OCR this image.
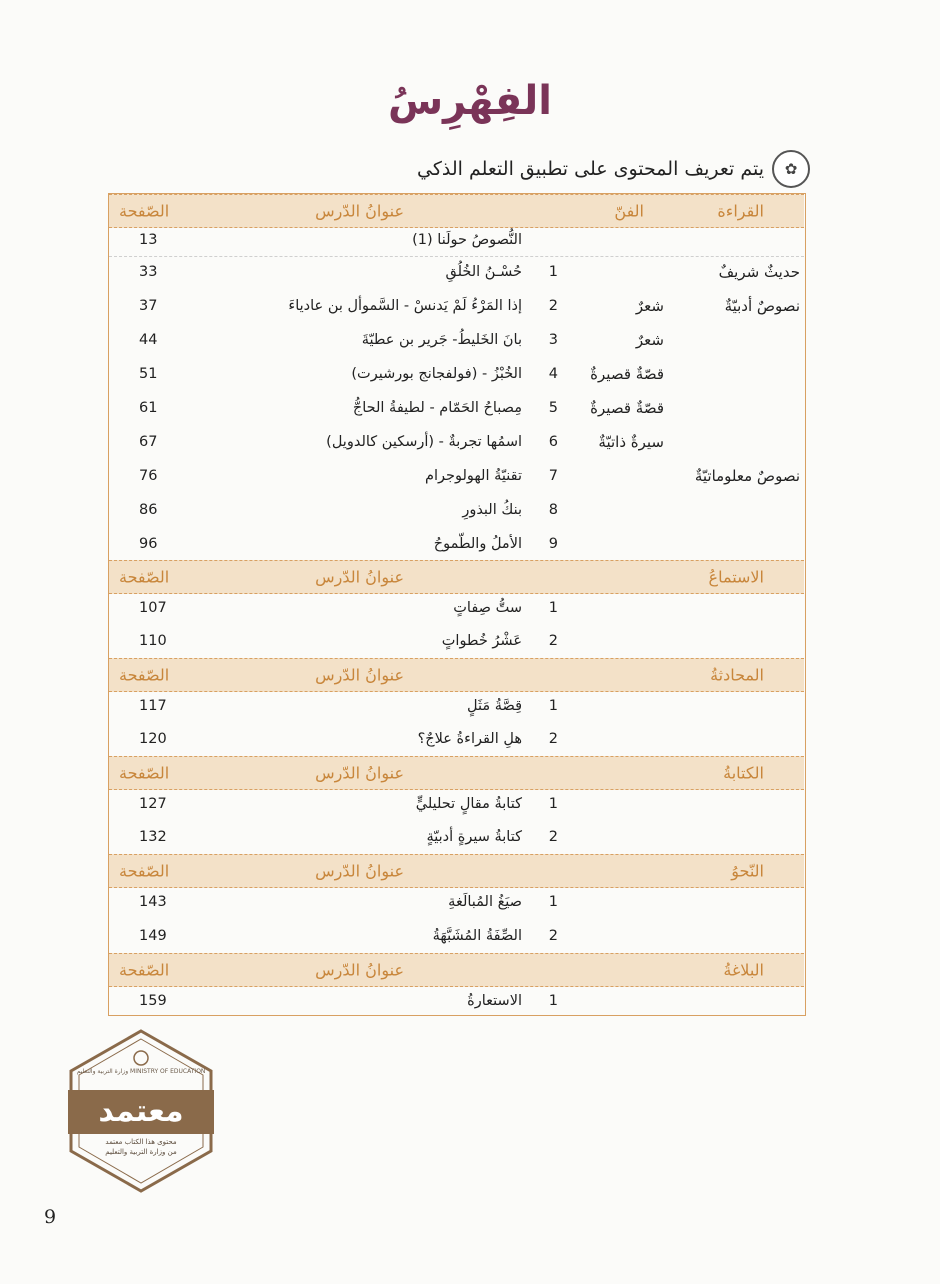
الفِهْرِسُ
✿
يتم تعريف المحتوى على تطبيق التعلم الذكي
القراءة
الفنّ
عنوانُ الدّرس
الصّفحة
النُّصوصُ حولَنا (1)
13
حديثٌ شريفٌ
1
حُسْـنُ الخُلُقِ
33
نصوصٌ أدبيّةٌ
شعرٌ
2
إذا المَرْءُ لَمْ يَدنسْ - السَّموأل بن عادياءَ
37
شعرٌ
3
بانَ الخَليطُ- جَرير بن عطيّةَ
44
قصّةٌ قصيرةٌ
4
الخُبْزُ - (فولفجانج بورشيرت)
51
قصّةٌ قصيرةٌ
5
مِصباحُ الحَمّام - لطيفةُ الحاجُّ
61
سيرةٌ ذاتيّةٌ
6
اسمُها تجربةٌ - (أرسكين كالدويل)
67
نصوصٌ معلوماتيّةٌ
7
تقنيّةُ الهولوجرام
76
8
بنكُ البذورِ
86
9
الأملُ والطّموحُ
96
الاستماعُ
عنوانُ الدّرس
الصّفحة
1
ستُّ صِفاتٍ
107
2
عَشْرُ خُطواتٍ
110
المحادثةُ
عنوانُ الدّرس
الصّفحة
1
قِصَّةُ مَثَلٍ
117
2
هلِ القراءةُ علاجٌ؟
120
الكتابةُ
عنوانُ الدّرس
الصّفحة
1
كتابةُ مقالٍ تحليليٍّ
127
2
كتابةُ سيرةٍ أدبيّةٍ
132
النّحوُ
عنوانُ الدّرس
الصّفحة
1
صيَغُ المُبالَغةِ
143
2
الصِّفَةُ المُشَبَّهَةُ
149
البلاغةُ
عنوانُ الدّرس
الصّفحة
1
الاستعارةُ
159
وزارة التربية والتعليم MINISTRY OF EDUCATION
معتمد
محتوى هذا الكتاب معتمد
من وزارة التربية والتعليم
9
